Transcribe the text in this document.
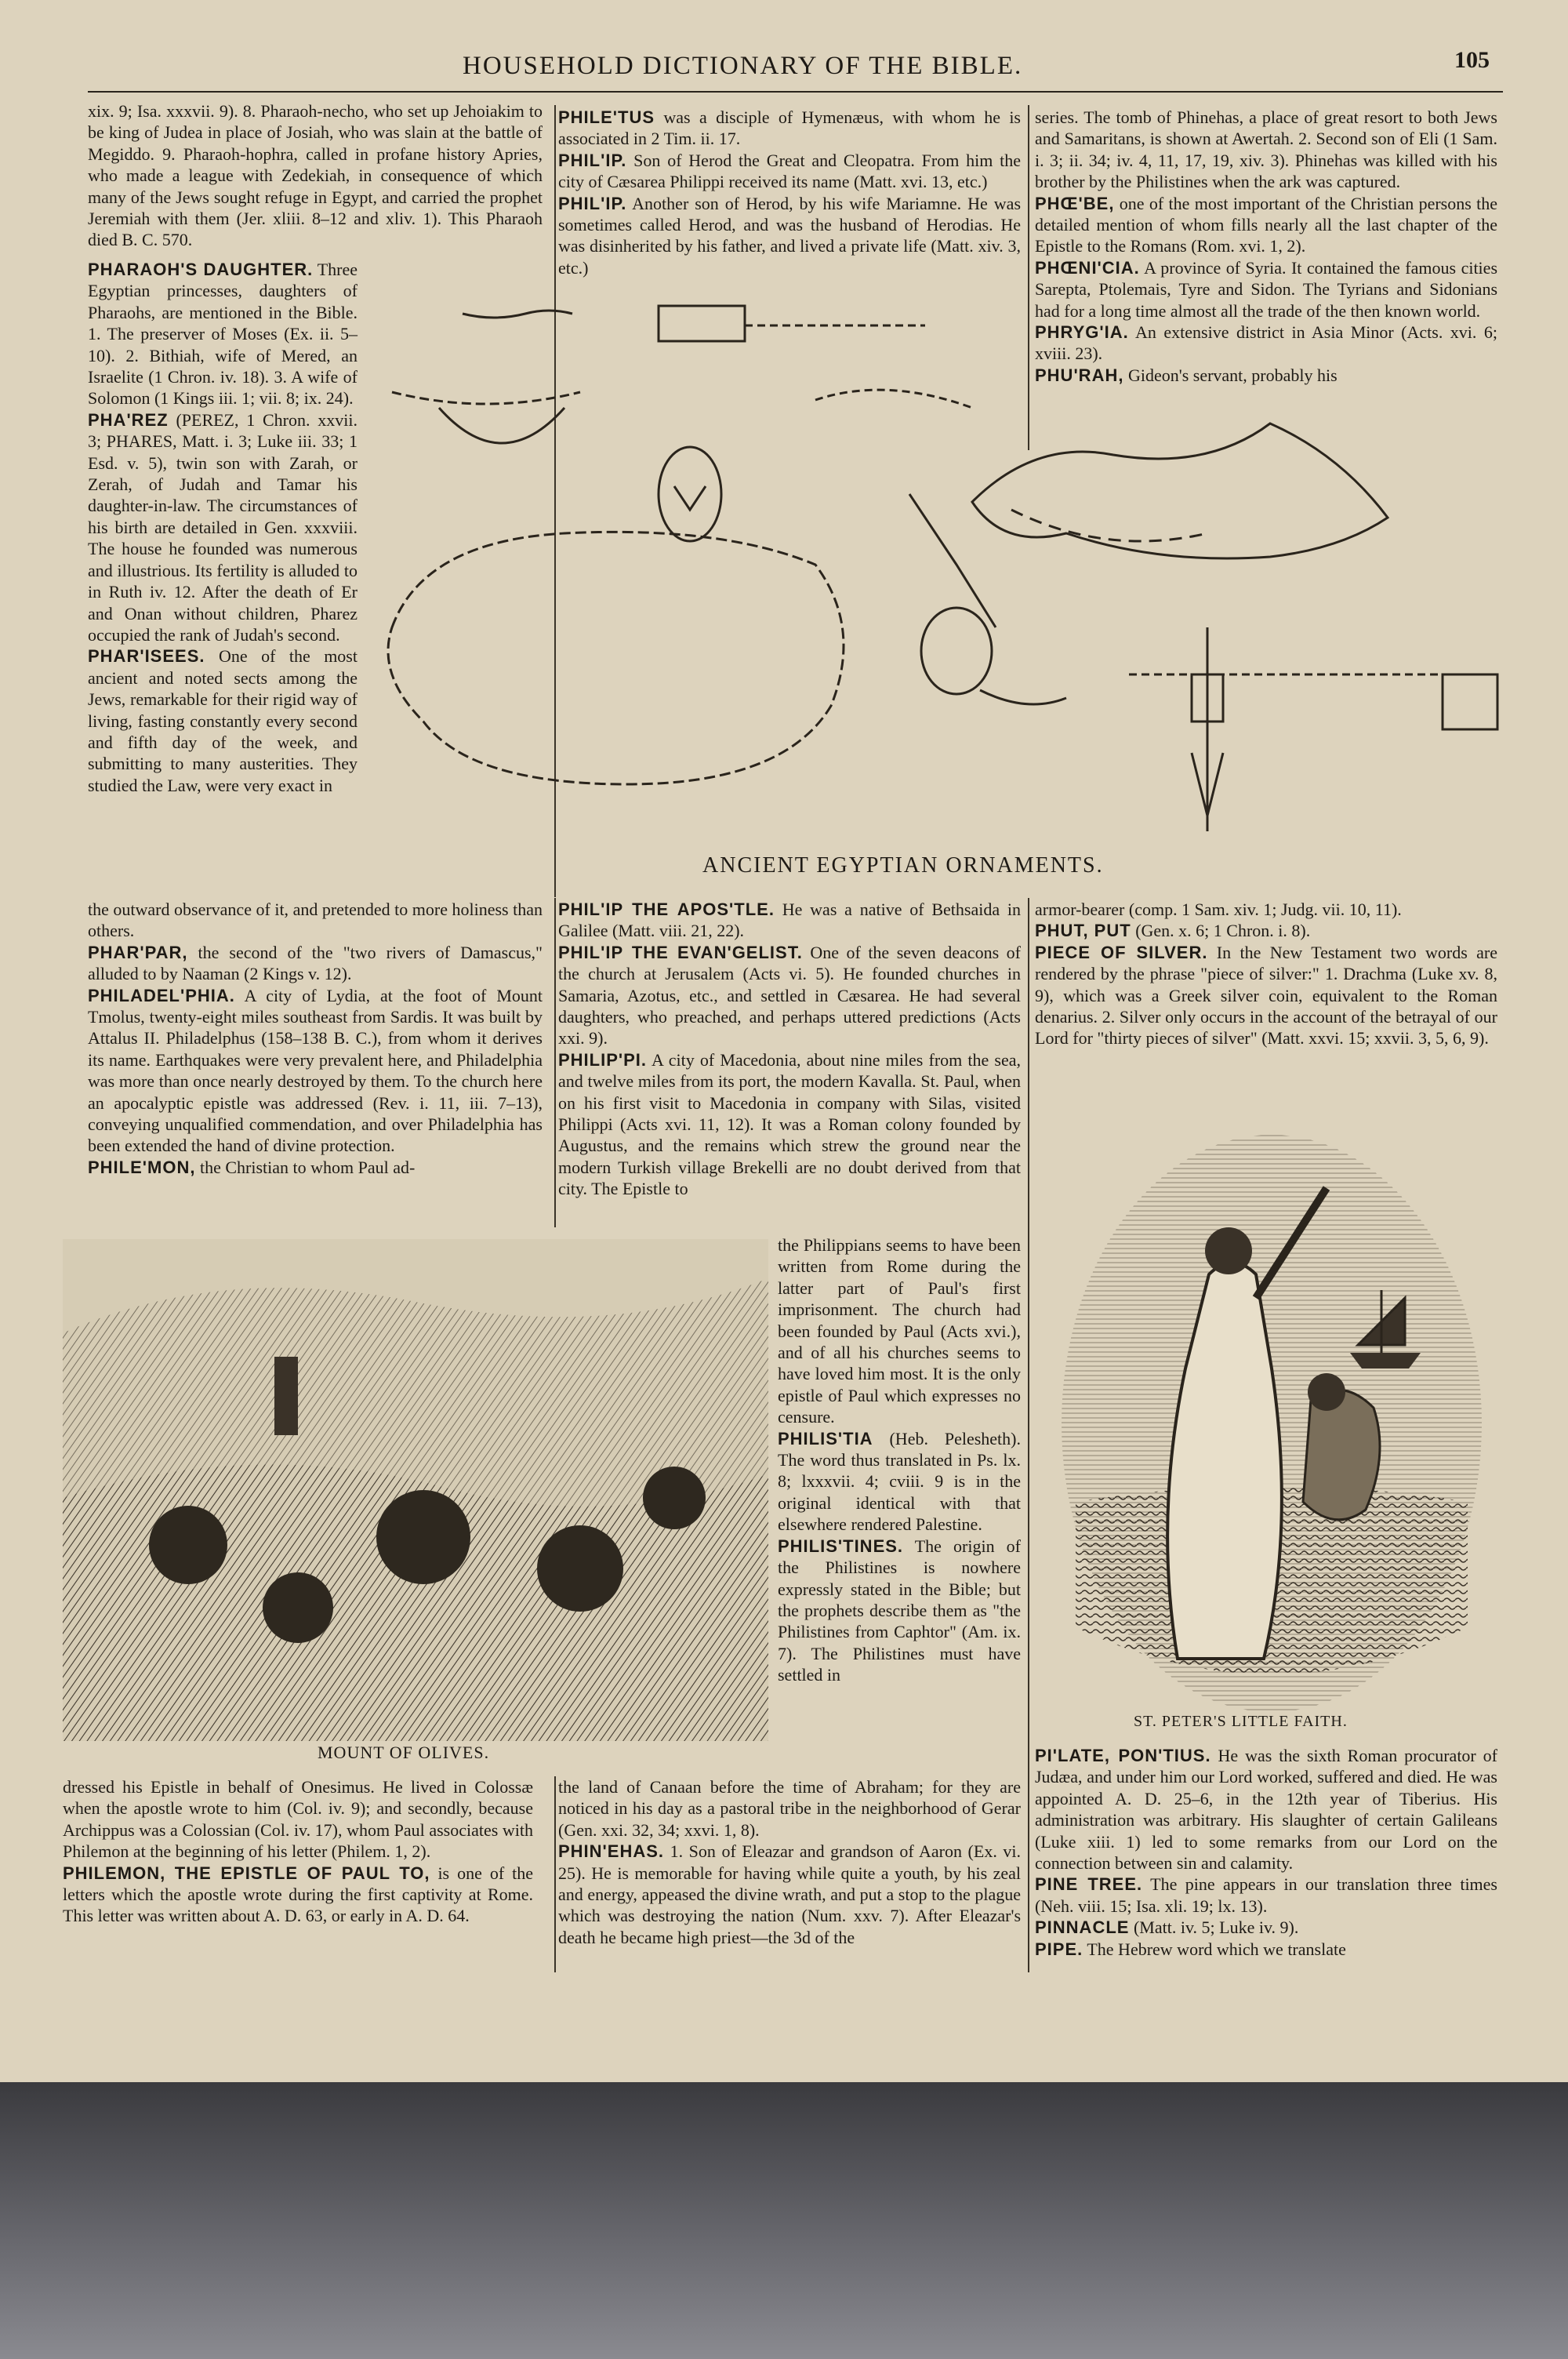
HOUSEHOLD DICTIONARY OF THE BIBLE.	105

xix. 9; Isa. xxxvii. 9). 8. Pharaoh-necho, who set up Jehoiakim to be king of Judea in place of Josiah, who was slain at the battle of Megiddo. 9. Pharaoh-hophra, called in profane history Apries, who made a league with Zedekiah, in consequence of which many of the Jews sought refuge in Egypt, and carried the prophet Jeremiah with them (Jer. xliii. 8–12 and xliv. 1). This Pharaoh died B. C. 570.

PHARAOH'S DAUGHTER. Three Egyptian princesses, daughters of Pharaohs, are mentioned in the Bible. 1. The preserver of Moses (Ex. ii. 5–10). 2. Bithiah, wife of Mered, an Israelite (1 Chron. iv. 18). 3. A wife of Solomon (1 Kings iii. 1; vii. 8; ix. 24).

PHA'REZ (PEREZ, 1 Chron. xxvii. 3; PHARES, Matt. i. 3; Luke iii. 33; 1 Esd. v. 5), twin son with Zarah, or Zerah, of Judah and Tamar his daughter-in-law. The circumstances of his birth are detailed in Gen. xxxviii. The house he founded was numerous and illustrious. Its fertility is alluded to in Ruth iv. 12. After the death of Er and Onan without children, Pharez occupied the rank of Judah's second.

PHAR'ISEES. One of the most ancient and noted sects among the Jews, remarkable for their rigid way of living, fasting constantly every second and fifth day of the week, and submitting to many austerities. They studied the Law, were very exact in

the outward observance of it, and pretended to more holiness than others.

PHAR'PAR, the second of the "two rivers of Damascus," alluded to by Naaman (2 Kings v. 12).

PHILADEL'PHIA. A city of Lydia, at the foot of Mount Tmolus, twenty-eight miles southeast from Sardis. It was built by Attalus II. Philadelphus (158–138 B. C.), from whom it derives its name. Earthquakes were very prevalent here, and Philadelphia was more than once nearly destroyed by them. To the church here an apocalyptic epistle was addressed (Rev. i. 11, iii. 7–13), conveying unqualified commendation, and over Philadelphia has been extended the hand of divine protection.

PHILE'MON, the Christian to whom Paul ad-

dressed his Epistle in behalf of Onesimus. He lived in Colossæ when the apostle wrote to him (Col. iv. 9); and secondly, because Archippus was a Colossian (Col. iv. 17), whom Paul associates with Philemon at the beginning of his letter (Philem. 1, 2).

PHILEMON, THE EPISTLE OF PAUL TO, is one of the letters which the apostle wrote during the first captivity at Rome. This letter was written about A. D. 63, or early in A. D. 64.

PHILE'TUS was a disciple of Hymenæus, with whom he is associated in 2 Tim. ii. 17.

PHIL'IP. Son of Herod the Great and Cleopatra. From him the city of Cæsarea Philippi received its name (Matt. xvi. 13, etc.)

PHIL'IP. Another son of Herod, by his wife Mariamne. He was sometimes called Herod, and was the husband of Herodias. He was disinherited by his father, and lived a private life (Matt. xiv. 3, etc.)

PHIL'IP THE APOS'TLE. He was a native of Bethsaida in Galilee (Matt. viii. 21, 22).

PHIL'IP THE EVAN'GELIST. One of the seven deacons of the church at Jerusalem (Acts vi. 5). He founded churches in Samaria, Azotus, etc., and settled in Cæsarea. He had several daughters, who preached, and perhaps uttered predictions (Acts xxi. 9).

PHILIP'PI. A city of Macedonia, about nine miles from the sea, and twelve miles from its port, the modern Kavalla. St. Paul, when on his first visit to Macedonia in company with Silas, visited Philippi (Acts xvi. 11, 12). It was a Roman colony founded by Augustus, and the remains which strew the ground near the modern Turkish village Brekelli are no doubt derived from that city. The Epistle to

the Philippians seems to have been written from Rome during the latter part of Paul's first imprisonment. The church had been founded by Paul (Acts xvi.), and of all his churches seems to have loved him most. It is the only epistle of Paul which expresses no censure.

PHILIS'TIA (Heb. Pelesheth). The word thus translated in Ps. lx. 8; lxxxvii. 4; cviii. 9 is in the original identical with that elsewhere rendered Palestine.

PHILIS'TINES. The origin of the Philistines is nowhere expressly stated in the Bible; but the prophets describe them as "the Philistines from Caphtor" (Am. ix. 7). The Philistines must have settled in

the land of Canaan before the time of Abraham; for they are noticed in his day as a pastoral tribe in the neighborhood of Gerar (Gen. xxi. 32, 34; xxvi. 1, 8).

PHIN'EHAS. 1. Son of Eleazar and grandson of Aaron (Ex. vi. 25). He is memorable for having while quite a youth, by his zeal and energy, appeased the divine wrath, and put a stop to the plague which was destroying the nation (Num. xxv. 7). After Eleazar's death he became high priest—the 3d of the

series. The tomb of Phinehas, a place of great resort to both Jews and Samaritans, is shown at Awertah. 2. Second son of Eli (1 Sam. i. 3; ii. 34; iv. 4, 11, 17, 19, xiv. 3). Phinehas was killed with his brother by the Philistines when the ark was captured.

PHŒ'BE, one of the most important of the Christian persons the detailed mention of whom fills nearly all the last chapter of the Epistle to the Romans (Rom. xvi. 1, 2).

PHŒNI'CIA. A province of Syria. It contained the famous cities Sarepta, Ptolemais, Tyre and Sidon. The Tyrians and Sidonians had for a long time almost all the trade of the then known world.

PHRYG'IA. An extensive district in Asia Minor (Acts. xvi. 6; xviii. 23).

PHU'RAH, Gideon's servant, probably his

armor-bearer (comp. 1 Sam. xiv. 1; Judg. vii. 10, 11).

PHUT, PUT (Gen. x. 6; 1 Chron. i. 8).

PIECE OF SILVER. In the New Testament two words are rendered by the phrase "piece of silver:" 1. Drachma (Luke xv. 8, 9), which was a Greek silver coin, equivalent to the Roman denarius. 2. Silver only occurs in the account of the betrayal of our Lord for "thirty pieces of silver" (Matt. xxvi. 15; xxvii. 3, 5, 6, 9).

PI'LATE, PON'TIUS. He was the sixth Roman procurator of Judæa, and under him our Lord worked, suffered and died. He was appointed A. D. 25–6, in the 12th year of Tiberius. His administration was arbitrary. His slaughter of certain Galileans (Luke xiii. 1) led to some remarks from our Lord on the connection between sin and calamity.

PINE TREE. The pine appears in our translation three times (Neh. viii. 15; Isa. xli. 19; lx. 13).

PINNACLE (Matt. iv. 5; Luke iv. 9).

PIPE. The Hebrew word which we translate

ANCIENT EGYPTIAN ORNAMENTS.
MOUNT OF OLIVES.
ST. PETER'S LITTLE FAITH.
